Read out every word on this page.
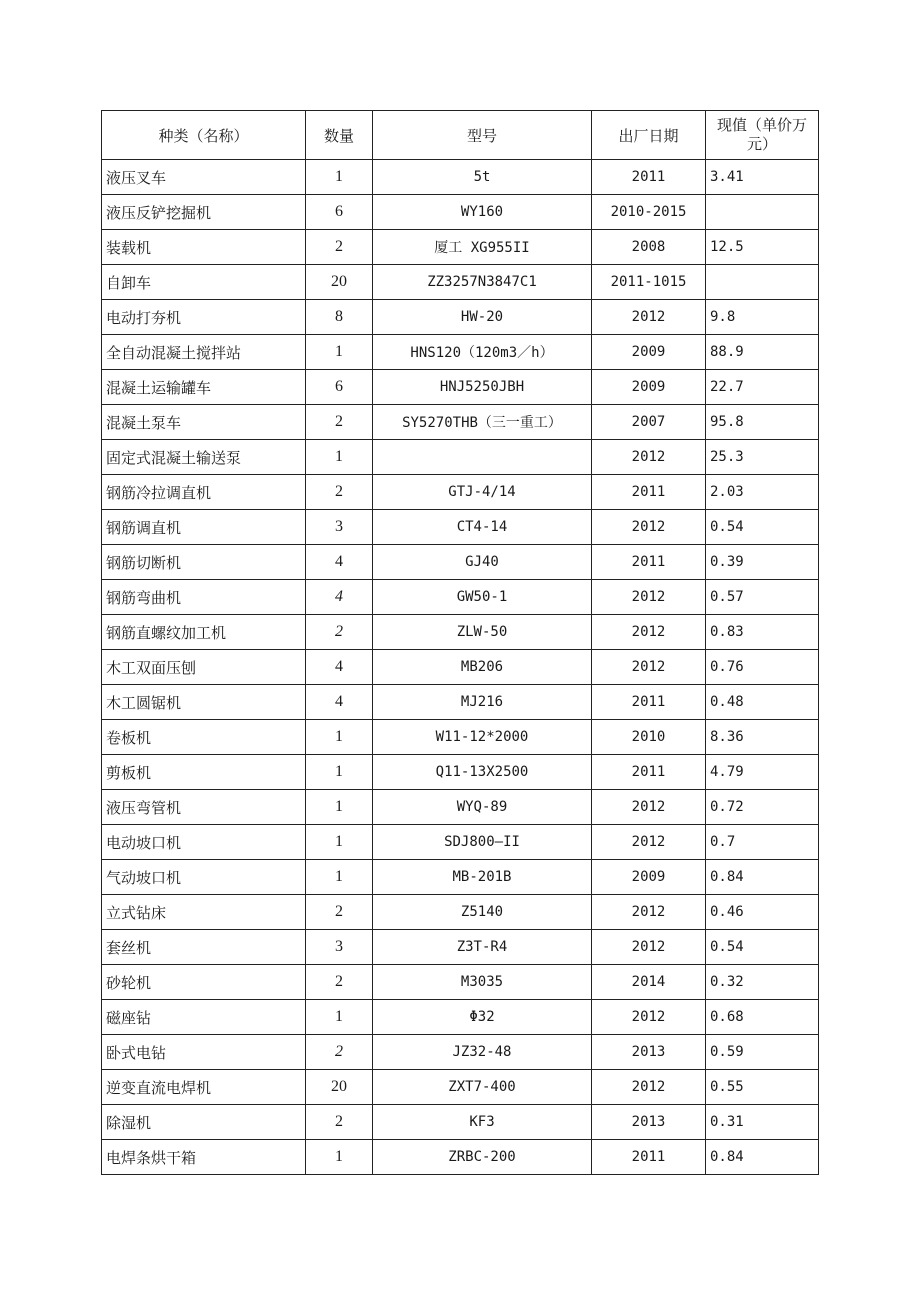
种类（名称）	数量	型号	出厂日期	现值（单价万元）
液压叉车	1	5t	2011	3.41
液压反铲挖掘机	6	WY160	2010-2015	
装载机	2	厦工 XG955II	2008	12.5
自卸车	20	ZZ3257N3847C1	2011-1015	
电动打夯机	8	HW-20	2012	9.8
全自动混凝土搅拌站	1	HNS120（120m3／h）	2009	88.9
混凝土运输罐车	6	HNJ5250JBH	2009	22.7
混凝土泵车	2	SY5270THB（三一重工）	2007	95.8
固定式混凝土输送泵	1		2012	25.3
钢筋冷拉调直机	2	GTJ-4/14	2011	2.03
钢筋调直机	3	CT4-14	2012	0.54
钢筋切断机	4	GJ40	2011	0.39
钢筋弯曲机	4	GW50-1	2012	0.57
钢筋直螺纹加工机	2	ZLW-50	2012	0.83
木工双面压刨	4	MB206	2012	0.76
木工圆锯机	4	MJ216	2011	0.48
卷板机	1	W11-12*2000	2010	8.36
剪板机	1	Q11-13X2500	2011	4.79
液压弯管机	1	WYQ-89	2012	0.72
电动坡口机	1	SDJ800—II	2012	0.7
气动坡口机	1	MB-201B	2009	0.84
立式钻床	2	Z5140	2012	0.46
套丝机	3	Z3T-R4	2012	0.54
砂轮机	2	M3035	2014	0.32
磁座钻	1	Φ32	2012	0.68
卧式电钻	2	JZ32-48	2013	0.59
逆变直流电焊机	20	ZXT7-400	2012	0.55
除湿机	2	KF3	2013	0.31
电焊条烘干箱	1	ZRBC-200	2011	0.84
